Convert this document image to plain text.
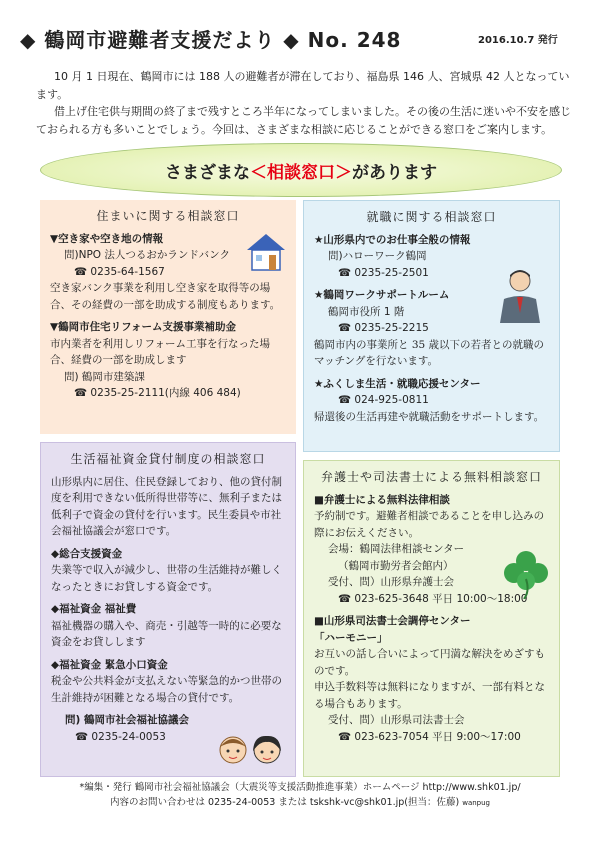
◆ 鶴岡市避難者支援だより ◆ No. 248	2016.10.7 発行

10 月 1 日現在、鶴岡市には 188 人の避難者が滞在しており、福島県 146 人、宮城県 42 人となっています。

借上げ住宅供与期間の終了まで残すところ半年になってしまいました。その後の生活に迷いや不安を感じておられる方も多いことでしょう。今回は、さまざまな相談に応じることができる窓口をご案内します。

さまざまな ＜相談窓口＞ があります
住まいに関する相談窓口
▼空き家や空き地の情報
問)NPO 法人つるおかランドバンク
☎ 0235-64-1567
空き家バンク事業を利用し空き家を取得等の場合、その経費の一部を助成する制度もあります。
▼鶴岡市住宅リフォーム支援事業補助金
市内業者を利用しリフォーム工事を行なった場合、経費の一部を助成します
問) 鶴岡市建築課
☎ 0235-25-2111(内線 406 484)
就職に関する相談窓口
★山形県内でのお仕事全般の情報
問)ハローワーク鶴岡
☎ 0235-25-2501
★鶴岡ワークサポートルーム
鶴岡市役所 1 階
☎ 0235-25-2215
鶴岡市内の事業所と 35 歳以下の若者との就職のマッチングを行ないます。
★ふくしま生活・就職応援センター
☎ 024-925-0811
帰還後の生活再建や就職活動をサポートします。
生活福祉資金貸付制度の相談窓口
山形県内に居住、住民登録しており、他の貸付制度を利用できない低所得世帯等に、無利子または低利子で資金の貸付を行います。民生委員や市社会福祉協議会が窓口です。
◆総合支援資金
失業等で収入が減少し、世帯の生活維持が難しくなったときにお貸しする資金です。
◆福祉資金 福祉費
福祉機器の購入や、商売・引越等一時的に必要な資金をお貸しします
◆福祉資金 緊急小口資金
税金や公共料金が支払えない等緊急的かつ世帯の生計維持が困難となる場合の貸付です。
問) 鶴岡市社会福祉協議会
☎ 0235-24-0053
弁護士や司法書士による無料相談窓口
■弁護士による無料法律相談
予約制です。避難者相談であることを申し込みの際にお伝えください。
会場：鶴岡法律相談センター
（鶴岡市勤労者会館内）
受付、問）山形県弁護士会
☎ 023-625-3648 平日 10:00～18:00
■山形県司法書士会調停センター
「ハーモニー」
お互いの話し合いによって円満な解決をめざすものです。
申込手数料等は無料になりますが、一部有料となる場合もあります。
受付、問）山形県司法書士会
☎ 023-623-7054 平日 9:00～17:00
*編集・発行 鶴岡市社会福祉協議会（大震災等支援活動推進事業）ホームページ http://www.shk01.jp/
内容のお問い合わせは 0235-24-0053 または tskshk-vc@shk01.jp(担当：佐藤) wanpug
